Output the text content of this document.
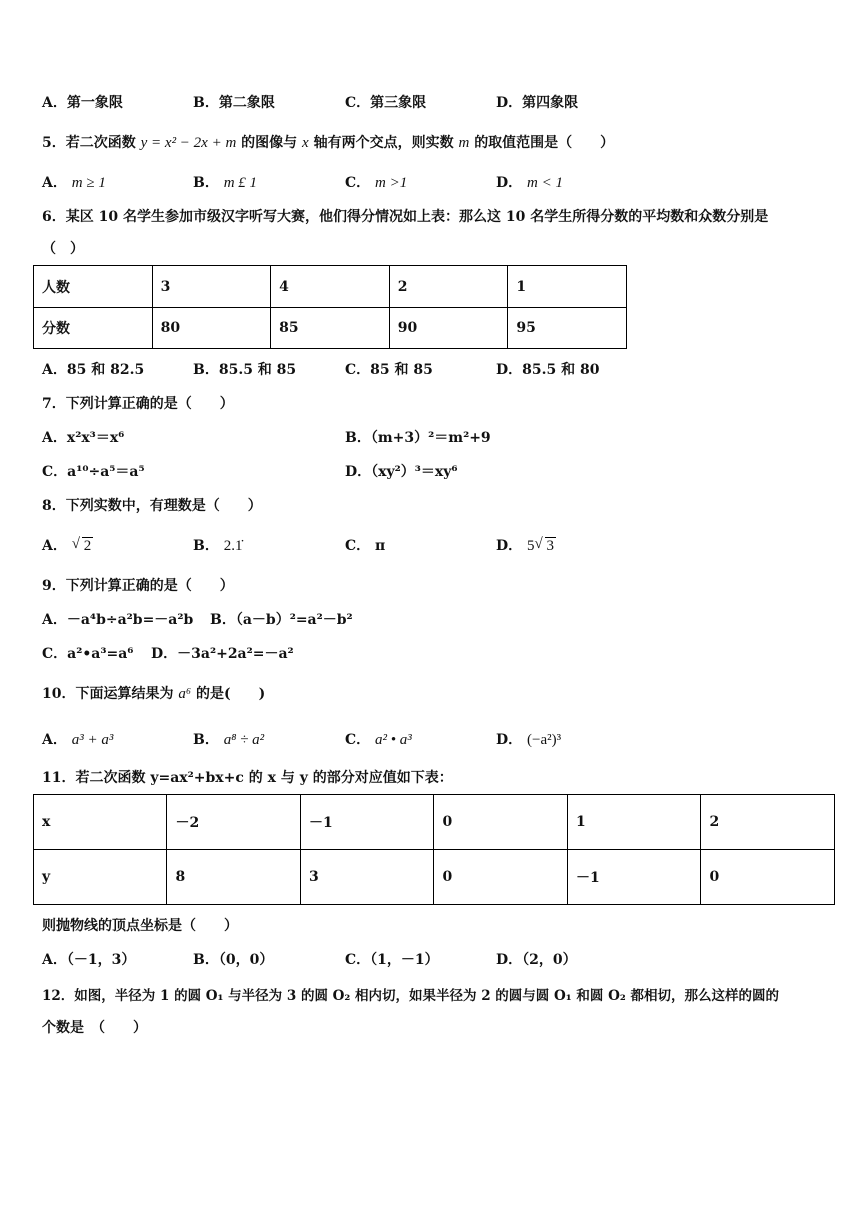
A．第一象限	B．第二象限	C．第三象限	D．第四象限
5．若二次函数 y = x² − 2x + m 的图像与 x 轴有两个交点，则实数 m 的取值范围是（　　）
A． m ≥ 1	B． m £ 1	C． m >1	D． m < 1
6．某区 10 名学生参加市级汉字听写大赛，他们得分情况如上表：那么这 10 名学生所得分数的平均数和众数分别是
（　）
人数	3	4	2	1
分数	80	85	90	95
A．85 和 82.5	B．85.5 和 85	C．85 和 85	D．85.5 和 80
7．下列计算正确的是（　　）
A．x²x³＝x⁶	B．（m+3）²＝m²+9
C．a¹⁰÷a⁵＝a⁵	D．（xy²）³＝xy⁶
8．下列实数中，有理数是（　　）
A． √ 2	B． 2.1̇	C． π	D． 5 √ 3
9．下列计算正确的是（　　）
A．－a⁴b÷a²b=－a²b B．（a－b）²=a²－b²
C．a²•a³=a⁶ D．－3a²+2a²=－a²
10．下面运算结果为 a⁶ 的是(　　)
A． a³ + a³	B． a⁸ ÷ a²	C． a² • a³	D． (−a²)³
11．若二次函数 y=ax²+bx+c 的 x 与 y 的部分对应值如下表：
x	－2	－1	0	1	2
y	8	3	0	－1	0
则抛物线的顶点坐标是（　　）
A．（－1，3）	B．（0，0）	C．（1，－1）	D．（2，0）
12．如图，半径为 1 的圆 O₁ 与半径为 3 的圆 O₂ 相内切，如果半径为 2 的圆与圆 O₁ 和圆 O₂ 都相切，那么这样的圆的
个数是　（　　）
